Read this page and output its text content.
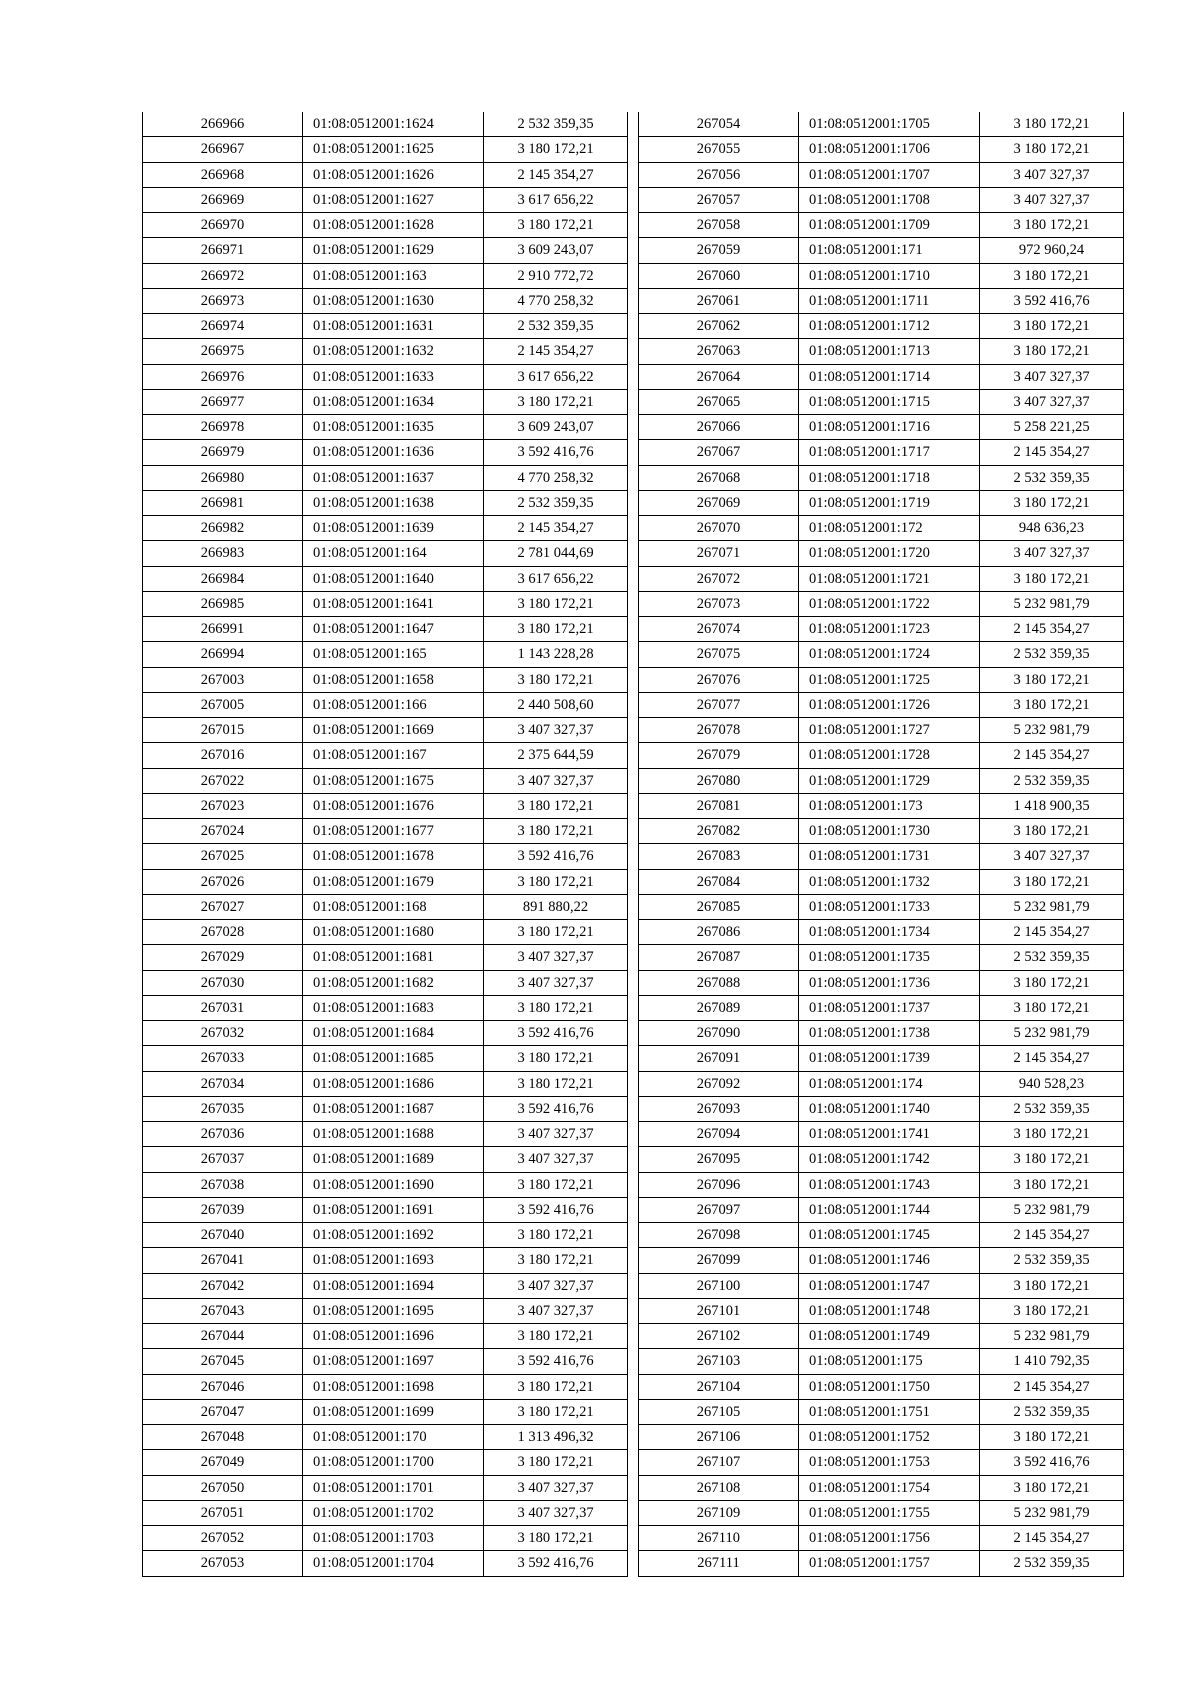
266966	01:08:0512001:1624	2 532 359,35
266967	01:08:0512001:1625	3 180 172,21
266968	01:08:0512001:1626	2 145 354,27
266969	01:08:0512001:1627	3 617 656,22
266970	01:08:0512001:1628	3 180 172,21
266971	01:08:0512001:1629	3 609 243,07
266972	01:08:0512001:163	2 910 772,72
266973	01:08:0512001:1630	4 770 258,32
266974	01:08:0512001:1631	2 532 359,35
266975	01:08:0512001:1632	2 145 354,27
266976	01:08:0512001:1633	3 617 656,22
266977	01:08:0512001:1634	3 180 172,21
266978	01:08:0512001:1635	3 609 243,07
266979	01:08:0512001:1636	3 592 416,76
266980	01:08:0512001:1637	4 770 258,32
266981	01:08:0512001:1638	2 532 359,35
266982	01:08:0512001:1639	2 145 354,27
266983	01:08:0512001:164	2 781 044,69
266984	01:08:0512001:1640	3 617 656,22
266985	01:08:0512001:1641	3 180 172,21
266991	01:08:0512001:1647	3 180 172,21
266994	01:08:0512001:165	1 143 228,28
267003	01:08:0512001:1658	3 180 172,21
267005	01:08:0512001:166	2 440 508,60
267015	01:08:0512001:1669	3 407 327,37
267016	01:08:0512001:167	2 375 644,59
267022	01:08:0512001:1675	3 407 327,37
267023	01:08:0512001:1676	3 180 172,21
267024	01:08:0512001:1677	3 180 172,21
267025	01:08:0512001:1678	3 592 416,76
267026	01:08:0512001:1679	3 180 172,21
267027	01:08:0512001:168	891 880,22
267028	01:08:0512001:1680	3 180 172,21
267029	01:08:0512001:1681	3 407 327,37
267030	01:08:0512001:1682	3 407 327,37
267031	01:08:0512001:1683	3 180 172,21
267032	01:08:0512001:1684	3 592 416,76
267033	01:08:0512001:1685	3 180 172,21
267034	01:08:0512001:1686	3 180 172,21
267035	01:08:0512001:1687	3 592 416,76
267036	01:08:0512001:1688	3 407 327,37
267037	01:08:0512001:1689	3 407 327,37
267038	01:08:0512001:1690	3 180 172,21
267039	01:08:0512001:1691	3 592 416,76
267040	01:08:0512001:1692	3 180 172,21
267041	01:08:0512001:1693	3 180 172,21
267042	01:08:0512001:1694	3 407 327,37
267043	01:08:0512001:1695	3 407 327,37
267044	01:08:0512001:1696	3 180 172,21
267045	01:08:0512001:1697	3 592 416,76
267046	01:08:0512001:1698	3 180 172,21
267047	01:08:0512001:1699	3 180 172,21
267048	01:08:0512001:170	1 313 496,32
267049	01:08:0512001:1700	3 180 172,21
267050	01:08:0512001:1701	3 407 327,37
267051	01:08:0512001:1702	3 407 327,37
267052	01:08:0512001:1703	3 180 172,21
267053	01:08:0512001:1704	3 592 416,76
267054	01:08:0512001:1705	3 180 172,21
267055	01:08:0512001:1706	3 180 172,21
267056	01:08:0512001:1707	3 407 327,37
267057	01:08:0512001:1708	3 407 327,37
267058	01:08:0512001:1709	3 180 172,21
267059	01:08:0512001:171	972 960,24
267060	01:08:0512001:1710	3 180 172,21
267061	01:08:0512001:1711	3 592 416,76
267062	01:08:0512001:1712	3 180 172,21
267063	01:08:0512001:1713	3 180 172,21
267064	01:08:0512001:1714	3 407 327,37
267065	01:08:0512001:1715	3 407 327,37
267066	01:08:0512001:1716	5 258 221,25
267067	01:08:0512001:1717	2 145 354,27
267068	01:08:0512001:1718	2 532 359,35
267069	01:08:0512001:1719	3 180 172,21
267070	01:08:0512001:172	948 636,23
267071	01:08:0512001:1720	3 407 327,37
267072	01:08:0512001:1721	3 180 172,21
267073	01:08:0512001:1722	5 232 981,79
267074	01:08:0512001:1723	2 145 354,27
267075	01:08:0512001:1724	2 532 359,35
267076	01:08:0512001:1725	3 180 172,21
267077	01:08:0512001:1726	3 180 172,21
267078	01:08:0512001:1727	5 232 981,79
267079	01:08:0512001:1728	2 145 354,27
267080	01:08:0512001:1729	2 532 359,35
267081	01:08:0512001:173	1 418 900,35
267082	01:08:0512001:1730	3 180 172,21
267083	01:08:0512001:1731	3 407 327,37
267084	01:08:0512001:1732	3 180 172,21
267085	01:08:0512001:1733	5 232 981,79
267086	01:08:0512001:1734	2 145 354,27
267087	01:08:0512001:1735	2 532 359,35
267088	01:08:0512001:1736	3 180 172,21
267089	01:08:0512001:1737	3 180 172,21
267090	01:08:0512001:1738	5 232 981,79
267091	01:08:0512001:1739	2 145 354,27
267092	01:08:0512001:174	940 528,23
267093	01:08:0512001:1740	2 532 359,35
267094	01:08:0512001:1741	3 180 172,21
267095	01:08:0512001:1742	3 180 172,21
267096	01:08:0512001:1743	3 180 172,21
267097	01:08:0512001:1744	5 232 981,79
267098	01:08:0512001:1745	2 145 354,27
267099	01:08:0512001:1746	2 532 359,35
267100	01:08:0512001:1747	3 180 172,21
267101	01:08:0512001:1748	3 180 172,21
267102	01:08:0512001:1749	5 232 981,79
267103	01:08:0512001:175	1 410 792,35
267104	01:08:0512001:1750	2 145 354,27
267105	01:08:0512001:1751	2 532 359,35
267106	01:08:0512001:1752	3 180 172,21
267107	01:08:0512001:1753	3 592 416,76
267108	01:08:0512001:1754	3 180 172,21
267109	01:08:0512001:1755	5 232 981,79
267110	01:08:0512001:1756	2 145 354,27
267111	01:08:0512001:1757	2 532 359,35
